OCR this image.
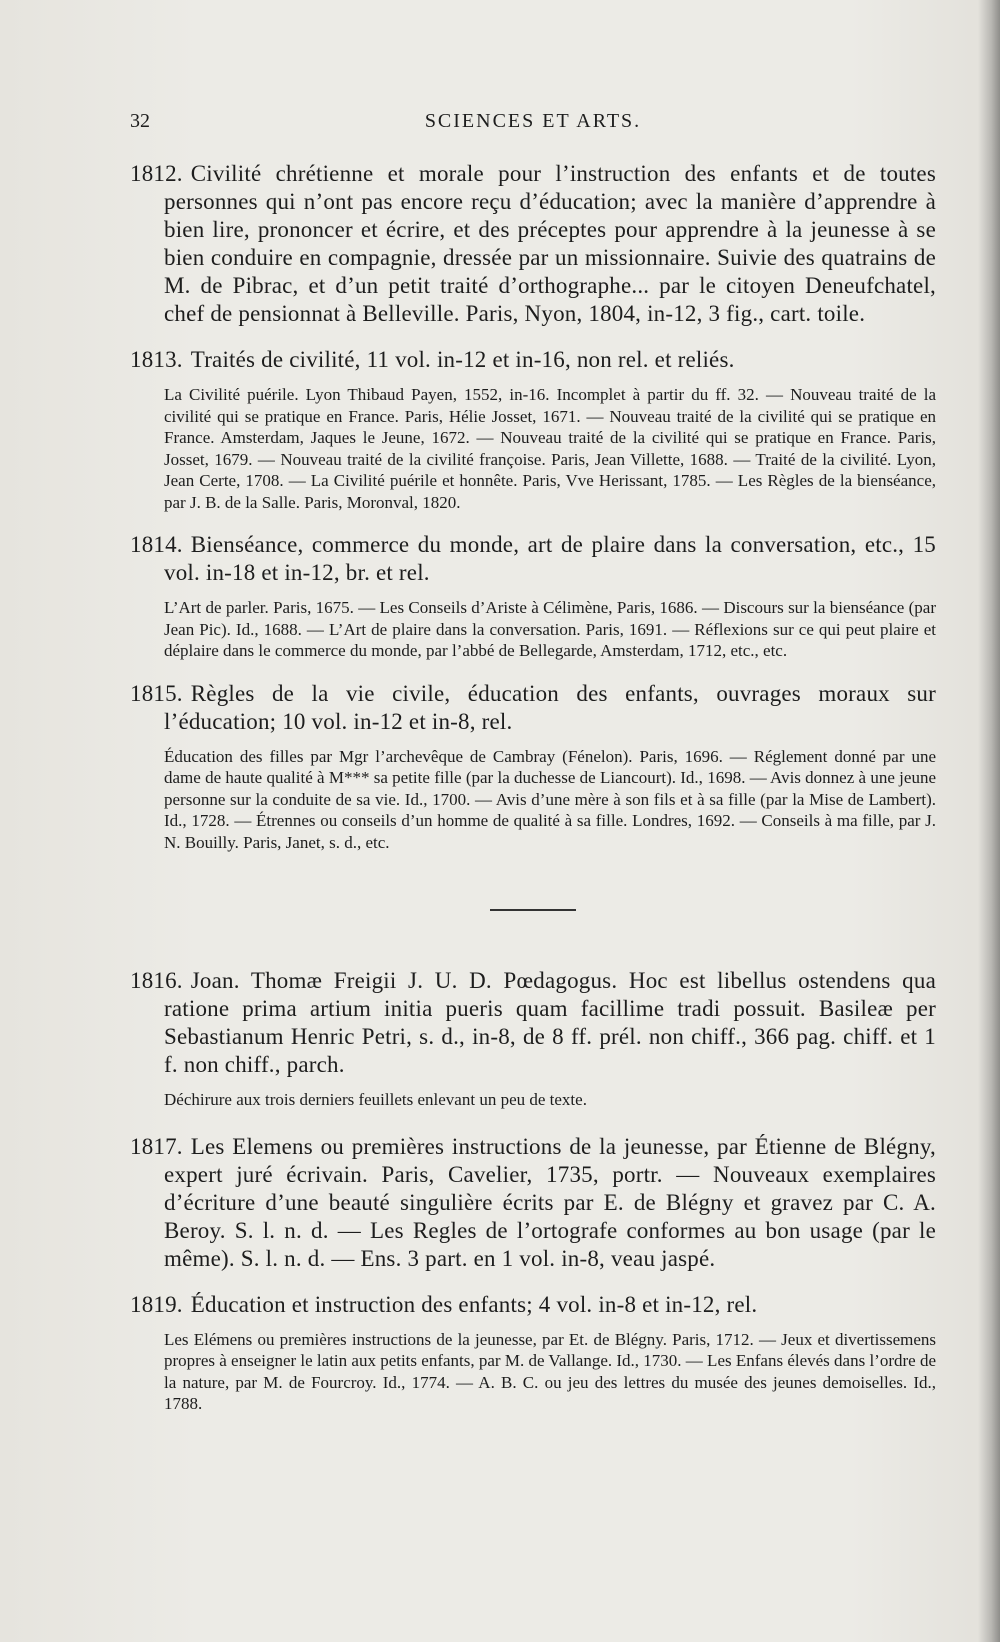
32	SCIENCES ET ARTS.

1812. Civilité chrétienne et morale pour l’instruction des enfants et de toutes personnes qui n’ont pas encore reçu d’éducation; avec la manière d’apprendre à bien lire, prononcer et écrire, et des préceptes pour apprendre à la jeunesse à se bien conduire en compagnie, dressée par un missionnaire. Suivie des quatrains de M. de Pibrac, et d’un petit traité d’orthographe... par le citoyen Deneufchatel, chef de pensionnat à Belleville. Paris, Nyon, 1804, in-12, 3 fig., cart. toile.

1813. Traités de civilité, 11 vol. in-12 et in-16, non rel. et reliés.

La Civilité puérile. Lyon Thibaud Payen, 1552, in-16. Incomplet à partir du ff. 32. — Nouveau traité de la civilité qui se pratique en France. Paris, Hélie Josset, 1671. — Nouveau traité de la civilité qui se pratique en France. Amsterdam, Jaques le Jeune, 1672. — Nouveau traité de la civilité qui se pratique en France. Paris, Josset, 1679. — Nouveau traité de la civilité françoise. Paris, Jean Villette, 1688. — Traité de la civilité. Lyon, Jean Certe, 1708. — La Civilité puérile et honnête. Paris, Vve Herissant, 1785. — Les Règles de la bienséance, par J. B. de la Salle. Paris, Moronval, 1820.

1814. Bienséance, commerce du monde, art de plaire dans la conversation, etc., 15 vol. in-18 et in-12, br. et rel.

L’Art de parler. Paris, 1675. — Les Conseils d’Ariste à Célimène, Paris, 1686. — Discours sur la bienséance (par Jean Pic). Id., 1688. — L’Art de plaire dans la conversation. Paris, 1691. — Réflexions sur ce qui peut plaire et déplaire dans le commerce du monde, par l’abbé de Bellegarde, Amsterdam, 1712, etc., etc.

1815. Règles de la vie civile, éducation des enfants, ouvrages moraux sur l’éducation; 10 vol. in-12 et in-8, rel.

Éducation des filles par Mgr l’archevêque de Cambray (Fénelon). Paris, 1696. — Réglement donné par une dame de haute qualité à M*** sa petite fille (par la duchesse de Liancourt). Id., 1698. — Avis donnez à une jeune personne sur la conduite de sa vie. Id., 1700. — Avis d’une mère à son fils et à sa fille (par la Mise de Lambert). Id., 1728. — Étrennes ou conseils d’un homme de qualité à sa fille. Londres, 1692. — Conseils à ma fille, par J. N. Bouilly. Paris, Janet, s. d., etc.

1816. Joan. Thomæ Freigii J. U. D. Pœdagogus. Hoc est libellus ostendens qua ratione prima artium initia pueris quam facillime tradi possuit. Basileæ per Sebastianum Henric Petri, s. d., in-8, de 8 ff. prél. non chiff., 366 pag. chiff. et 1 f. non chiff., parch.

Déchirure aux trois derniers feuillets enlevant un peu de texte.

1817. Les Elemens ou premières instructions de la jeunesse, par Étienne de Blégny, expert juré écrivain. Paris, Cavelier, 1735, portr. — Nouveaux exemplaires d’écriture d’une beauté singulière écrits par E. de Blégny et gravez par C. A. Beroy. S. l. n. d. — Les Regles de l’ortografe conformes au bon usage (par le même). S. l. n. d. — Ens. 3 part. en 1 vol. in-8, veau jaspé.

1819. Éducation et instruction des enfants; 4 vol. in-8 et in-12, rel.

Les Elémens ou premières instructions de la jeunesse, par Et. de Blégny. Paris, 1712. — Jeux et divertissemens propres à enseigner le latin aux petits enfants, par M. de Vallange. Id., 1730. — Les Enfans élevés dans l’ordre de la nature, par M. de Fourcroy. Id., 1774. — A. B. C. ou jeu des lettres du musée des jeunes demoiselles. Id., 1788.
